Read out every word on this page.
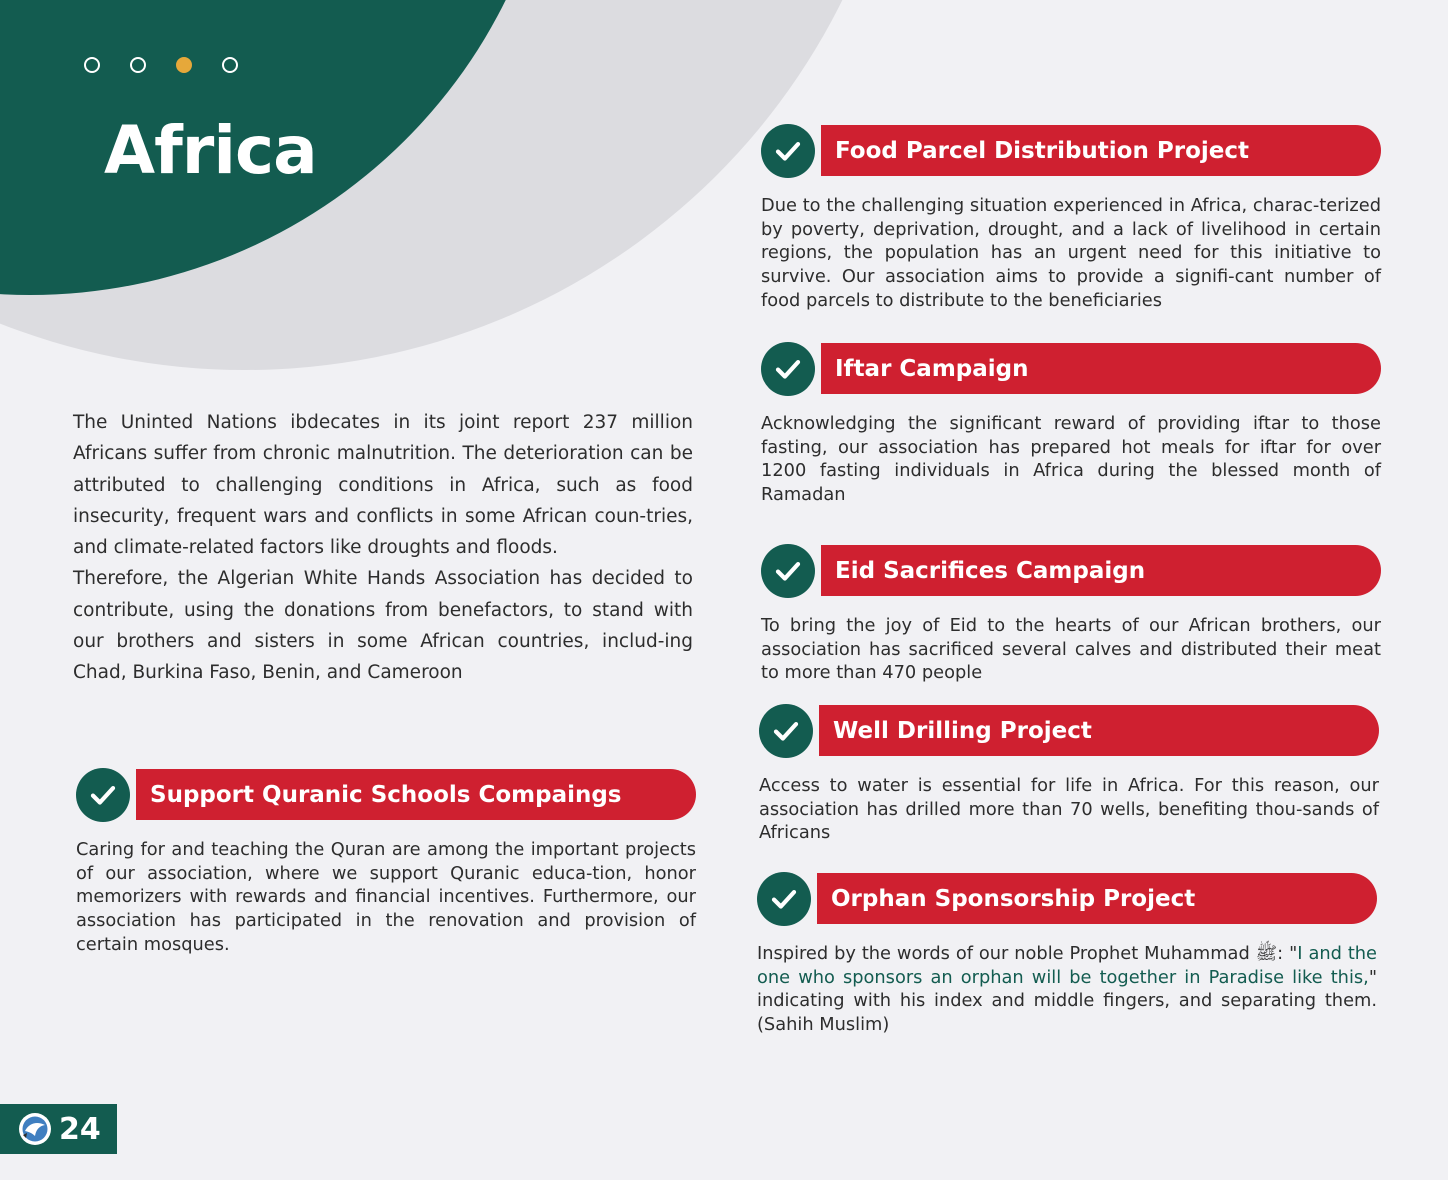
Africa

The Uninted Nations ibdecates in its joint report 237 million Africans suffer from chronic malnutrition. The deterioration can be attributed to challenging conditions in Africa, such as food insecurity, frequent wars and conflicts in some African coun-tries, and climate-related factors like droughts and floods.

Therefore, the Algerian White Hands Association has decided to contribute, using the donations from benefactors, to stand with our brothers and sisters in some African countries, includ-ing Chad, Burkina Faso, Benin, and Cameroon

Support Quranic Schools Compaings

Caring for and teaching the Quran are among the important projects of our association, where we support Quranic educa-tion, honor memorizers with rewards and financial incentives. Furthermore, our association has participated in the renovation and provision of certain mosques.

Food Parcel Distribution Project

Due to the challenging situation experienced in Africa, charac-terized by poverty, deprivation, drought, and a lack of livelihood in certain regions, the population has an urgent need for this initiative to survive. Our association aims to provide a signifi-cant number of food parcels to distribute to the beneficiaries

Iftar Campaign

Acknowledging the significant reward of providing iftar to those fasting, our association has prepared hot meals for iftar for over 1200 fasting individuals in Africa during the blessed month of Ramadan

Eid Sacrifices Campaign

To bring the joy of Eid to the hearts of our African brothers, our association has sacrificed several calves and distributed their meat to more than 470 people

Well Drilling Project

Access to water is essential for life in Africa. For this reason, our association has drilled more than 70 wells, benefiting thou-sands of Africans

Orphan Sponsorship Project

Inspired by the words of our noble Prophet Muhammad ﷺ: "I and the one who sponsors an orphan will be together in Paradise like this," indicating with his index and middle fingers, and separating them. (Sahih Muslim)

24
